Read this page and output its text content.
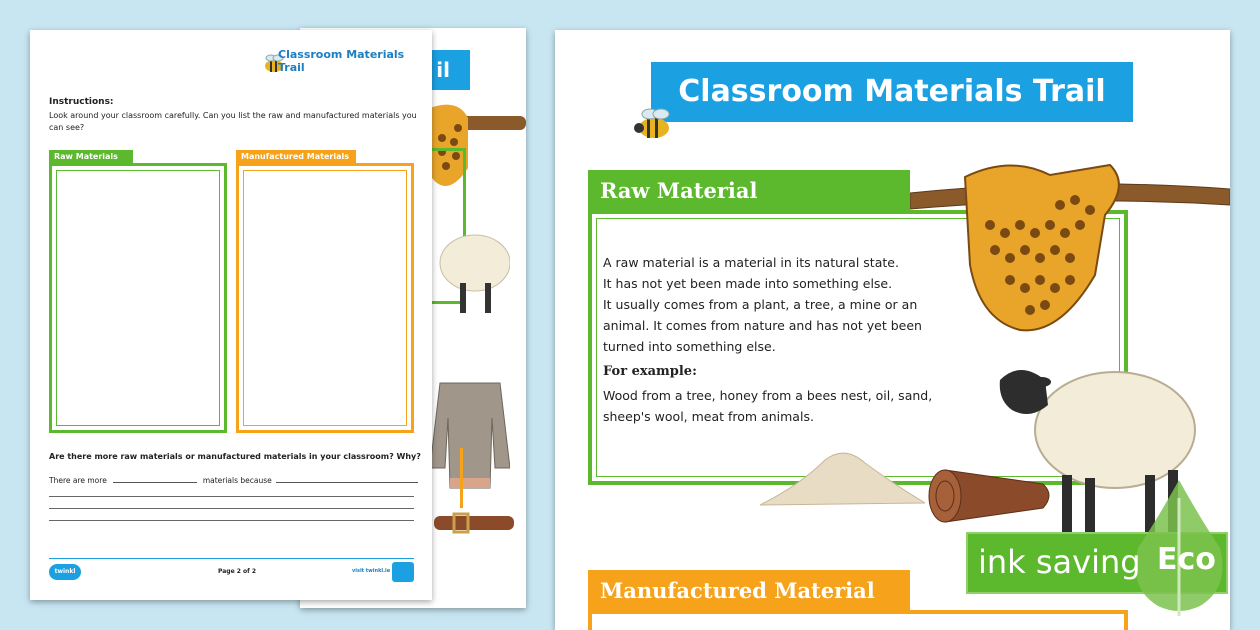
il
Classroom Materials Trail
Instructions:
Look around your classroom carefully. Can you list the raw and manufactured materials you can see?
Raw Materials	Manufactured Materials
Are there more raw materials or manufactured materials in your classroom? Why?
There are more	materials because
twinkl	Page 2 of 2	visit twinkl.ie
Classroom Materials Trail
Raw Material
A raw material is a material in its natural state.
It has not yet been made into something else.
It usually comes from a plant, a tree, a mine or an
animal. It comes from nature and has not yet been
turned into something else.
For example:
Wood from a tree, honey from a bees nest, oil, sand,
sheep's wool, meat from animals.
Manufactured Material
ink saving Eco
